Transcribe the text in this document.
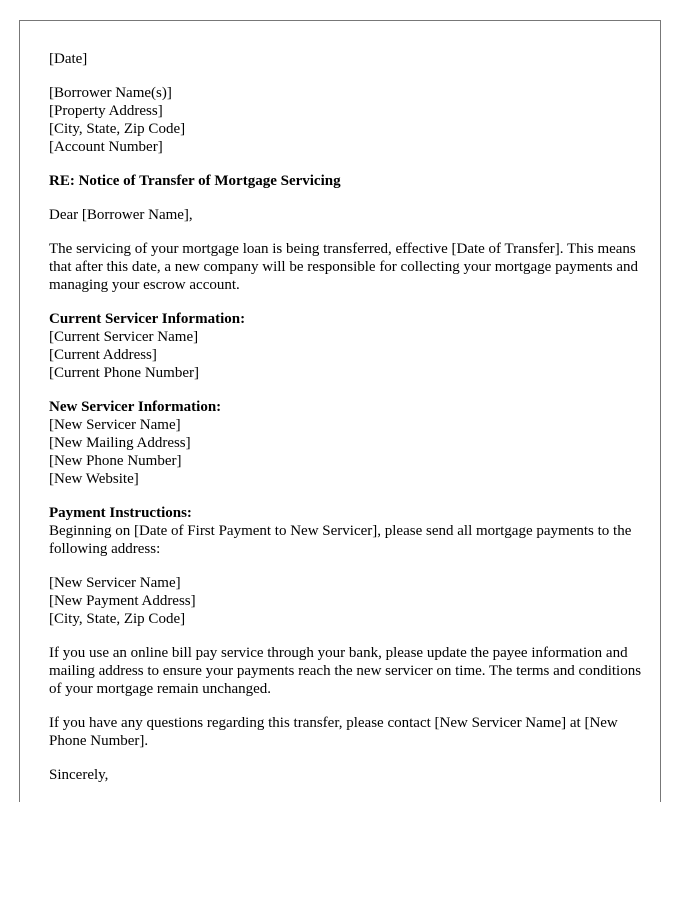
[Date]
[Borrower Name(s)]
[Property Address]
[City, State, Zip Code]
[Account Number]
RE: Notice of Transfer of Mortgage Servicing
Dear [Borrower Name],
The servicing of your mortgage loan is being transferred, effective [Date of Transfer]. This means that after this date, a new company will be responsible for collecting your mortgage payments and managing your escrow account.
Current Servicer Information:
[Current Servicer Name]
[Current Address]
[Current Phone Number]
New Servicer Information:
[New Servicer Name]
[New Mailing Address]
[New Phone Number]
[New Website]
Payment Instructions:
Beginning on [Date of First Payment to New Servicer], please send all mortgage payments to the following address:
[New Servicer Name]
[New Payment Address]
[City, State, Zip Code]
If you use an online bill pay service through your bank, please update the payee information and mailing address to ensure your payments reach the new servicer on time. The terms and conditions of your mortgage remain unchanged.
If you have any questions regarding this transfer, please contact [New Servicer Name] at [New Phone Number].
Sincerely,
